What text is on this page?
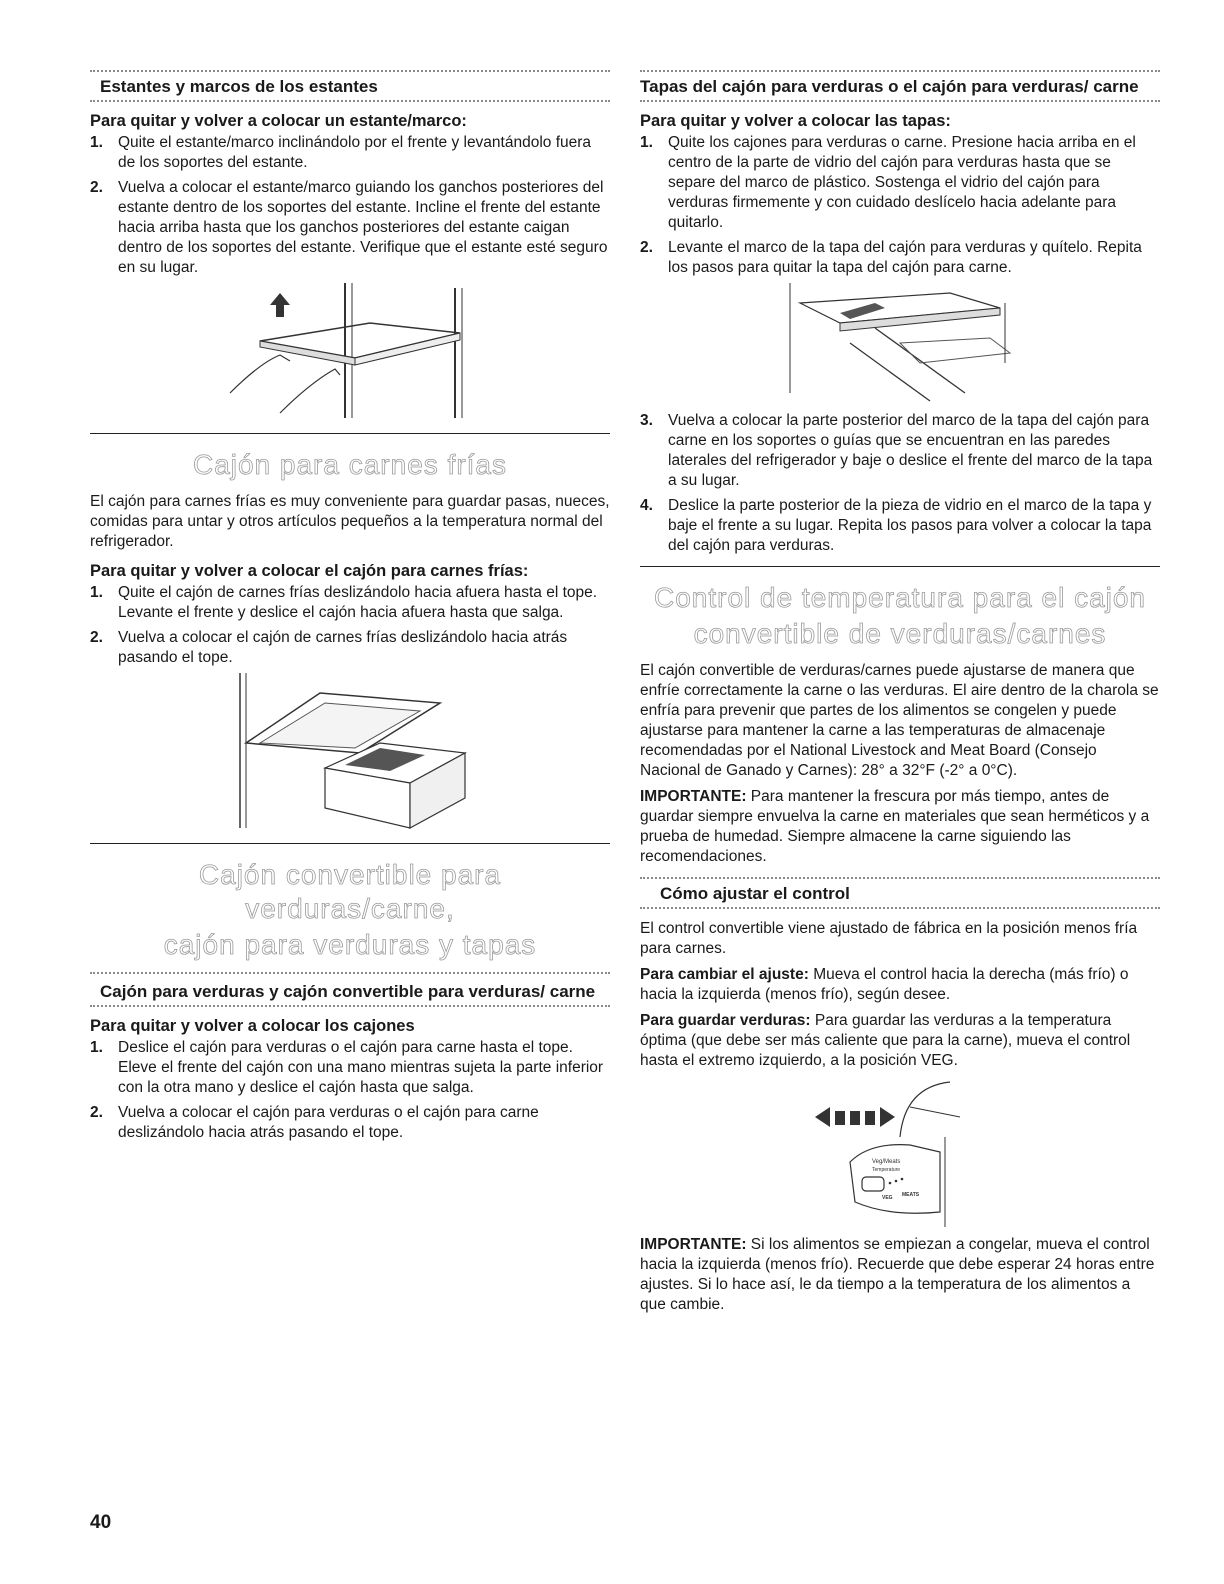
Estantes y marcos de los estantes
Para quitar y volver a colocar un estante/marco:
1. Quite el estante/marco inclinándolo por el frente y levantándolo fuera de los soportes del estante.
2. Vuelva a colocar el estante/marco guiando los ganchos posteriores del estante dentro de los soportes del estante. Incline el frente del estante hacia arriba hasta que los ganchos posteriores del estante caigan dentro de los soportes del estante. Verifique que el estante esté seguro en su lugar.
Cajón para carnes frías

El cajón para carnes frías es muy conveniente para guardar pasas, nueces, comidas para untar y otros artículos pequeños a la temperatura normal del refrigerador.

Para quitar y volver a colocar el cajón para carnes frías:
1. Quite el cajón de carnes frías deslizándolo hacia afuera hasta el tope. Levante el frente y deslice el cajón hacia afuera hasta que salga.
2. Vuelva a colocar el cajón de carnes frías deslizándolo hacia atrás pasando el tope.
Cajón convertible para verduras/carne,
cajón para verduras y tapas
Cajón para verduras y cajón convertible para verduras/ carne
Para quitar y volver a colocar los cajones
1. Deslice el cajón para verduras o el cajón para carne hasta el tope. Eleve el frente del cajón con una mano mientras sujeta la parte inferior con la otra mano y deslice el cajón hasta que salga.
2. Vuelva a colocar el cajón para verduras o el cajón para carne deslizándolo hacia atrás pasando el tope.
Tapas del cajón para verduras o el cajón para verduras/ carne
Para quitar y volver a colocar las tapas:
1. Quite los cajones para verduras o carne. Presione hacia arriba en el centro de la parte de vidrio del cajón para verduras hasta que se separe del marco de plástico. Sostenga el vidrio del cajón para verduras firmemente y con cuidado deslícelo hacia adelante para quitarlo.
2. Levante el marco de la tapa del cajón para verduras y quítelo. Repita los pasos para quitar la tapa del cajón para carne.
3. Vuelva a colocar la parte posterior del marco de la tapa del cajón para carne en los soportes o guías que se encuentran en las paredes laterales del refrigerador y baje o deslice el frente del marco de la tapa a su lugar.
4. Deslice la parte posterior de la pieza de vidrio en el marco de la tapa y baje el frente a su lugar. Repita los pasos para volver a colocar la tapa del cajón para verduras.
Control de temperatura para el cajón
convertible de verduras/carnes

El cajón convertible de verduras/carnes puede ajustarse de manera que enfríe correctamente la carne o las verduras. El aire dentro de la charola se enfría para prevenir que partes de los alimentos se congelen y puede ajustarse para mantener la carne a las temperaturas de almacenaje recomendadas por el National Livestock and Meat Board (Consejo Nacional de Ganado y Carnes): 28° a 32°F (-2° a 0°C).

IMPORTANTE: Para mantener la frescura por más tiempo, antes de guardar siempre envuelva la carne en materiales que sean herméticos y a prueba de humedad. Siempre almacene la carne siguiendo las recomendaciones.

Cómo ajustar el control

El control convertible viene ajustado de fábrica en la posición menos fría para carnes.

Para cambiar el ajuste: Mueva el control hacia la derecha (más frío) o hacia la izquierda (menos frío), según desee.

Para guardar verduras: Para guardar las verduras a la temperatura óptima (que debe ser más caliente que para la carne), mueva el control hasta el extremo izquierdo, a la posición VEG.

Veg/Meats
Temperature
VEG MEATS

IMPORTANTE: Si los alimentos se empiezan a congelar, mueva el control hacia la izquierda (menos frío). Recuerde que debe esperar 24 horas entre ajustes. Si lo hace así, le da tiempo a la temperatura de los alimentos a que cambie.

40
